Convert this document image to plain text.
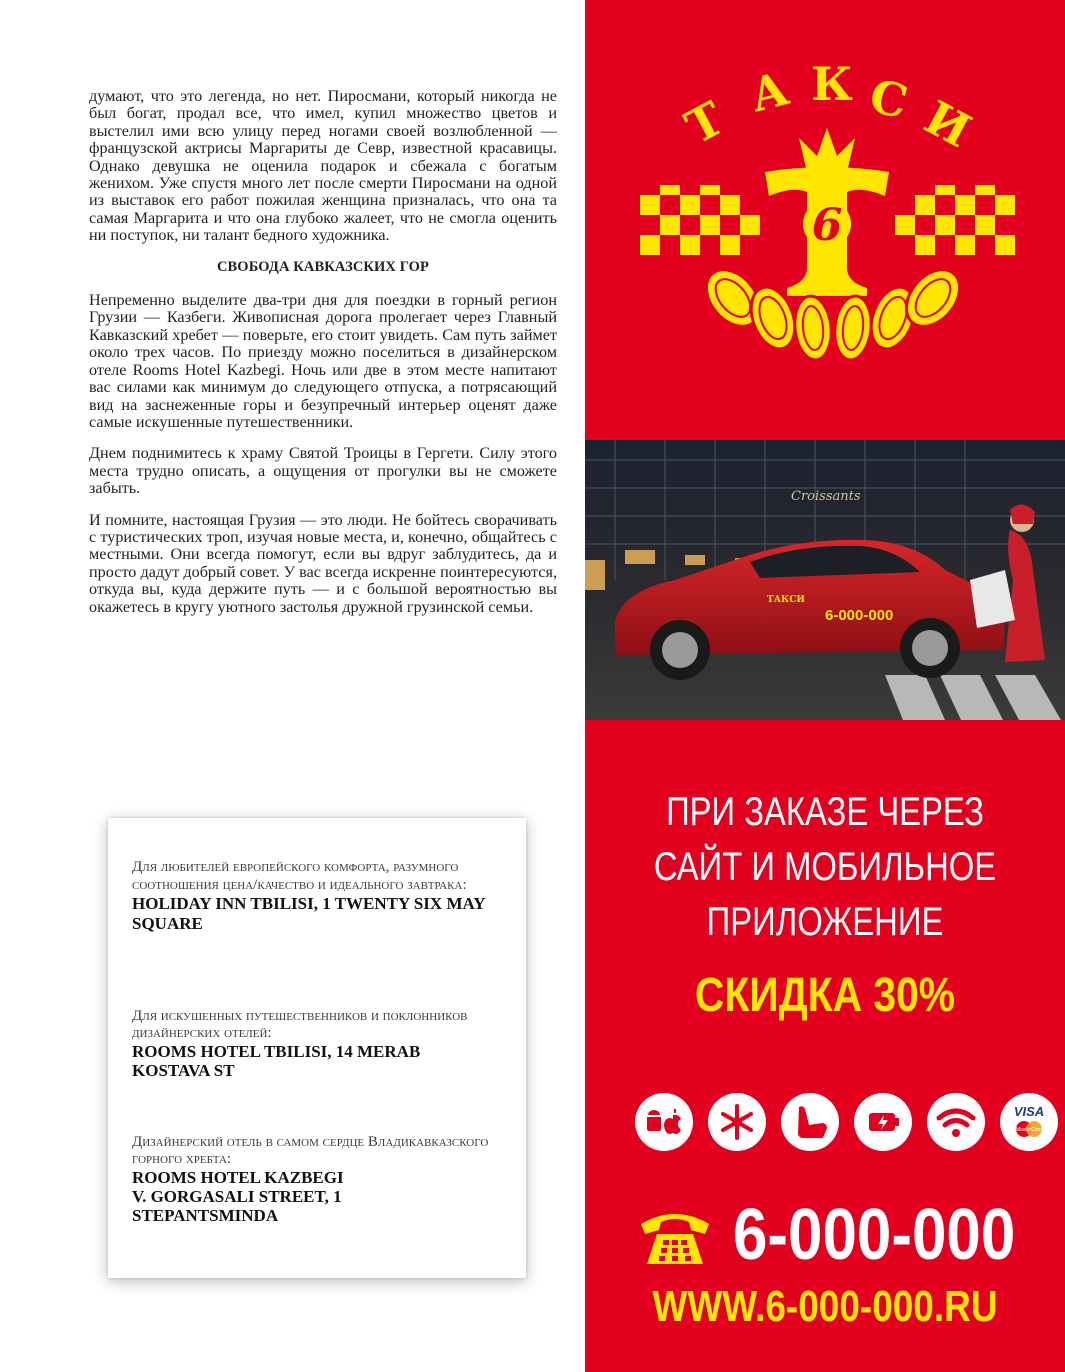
думают, что это легенда, но нет. Пиросмани, который никогда не был богат, продал все, что имел, купил множество цветов и выстелил ими всю улицу перед ногами своей возлюбленной — французской актрисы Маргариты де Севр, известной красавицы. Однако девушка не оценила подарок и сбежала с богатым женихом. Уже спустя много лет после смерти Пиросмани на одной из выставок его работ пожилая женщина призналась, что она та самая Маргарита и что она глубоко жалеет, что не смогла оценить ни поступок, ни талант бедного художника.

СВОБОДА КАВКАЗСКИХ ГОР

Непременно выделите два-три дня для поездки в горный регион Грузии — Казбеги. Живописная дорога пролегает через Главный Кавказский хребет — поверьте, его стоит увидеть. Сам путь займет около трех часов. По приезду можно поселиться в дизайнерском отеле Rooms Hotel Kazbegi. Ночь или две в этом месте напитают вас силами как минимум до следующего отпуска, а потрясающий вид на заснеженные горы и безупречный интерьер оценят даже самые искушенные путешественники.

Днем поднимитесь к храму Святой Троицы в Гергети. Силу этого места трудно описать, а ощущения от прогулки вы не сможете забыть.

И помните, настоящая Грузия — это люди. Не бойтесь сворачивать с туристических троп, изучая новые места, и, конечно, общайтесь с местными. Они всегда помогут, если вы вдруг заблудитесь, да и просто дадут добрый совет. У вас всегда искренне поинтересуются, откуда вы, куда держите путь — и с большой вероятностью вы окажетесь в кругу уютного застолья дружной грузинской семьи.

Для любителей европейского комфорта, разумного соотношения цена/качество и идеального завтрака: HOLIDAY INN TBILISI, 1 TWENTY SIX MAY SQUARE
Для искушенных путешественников и поклонников дизайнерских отелей:
ROOMS HOTEL TBILISI, 14 MERAB KOSTAVA ST
Дизайнерский отель в самом сердце Владикавказского горного хребта:
ROOMS HOTEL KAZBEGI
V. GORGASALI STREET, 1
STEPANTSMINDA
Т А К С И
ТАКСИ
6
Croissants
ТАКСИ
6-000-000
ПРИ ЗАКАЗЕ ЧЕРЕЗ
САЙТ И МОБИЛЬНОЕ
ПРИЛОЖЕНИЕ
СКИДКА 30%
VISA
MasterCard
6-000-000
WWW.6-000-000.RU
